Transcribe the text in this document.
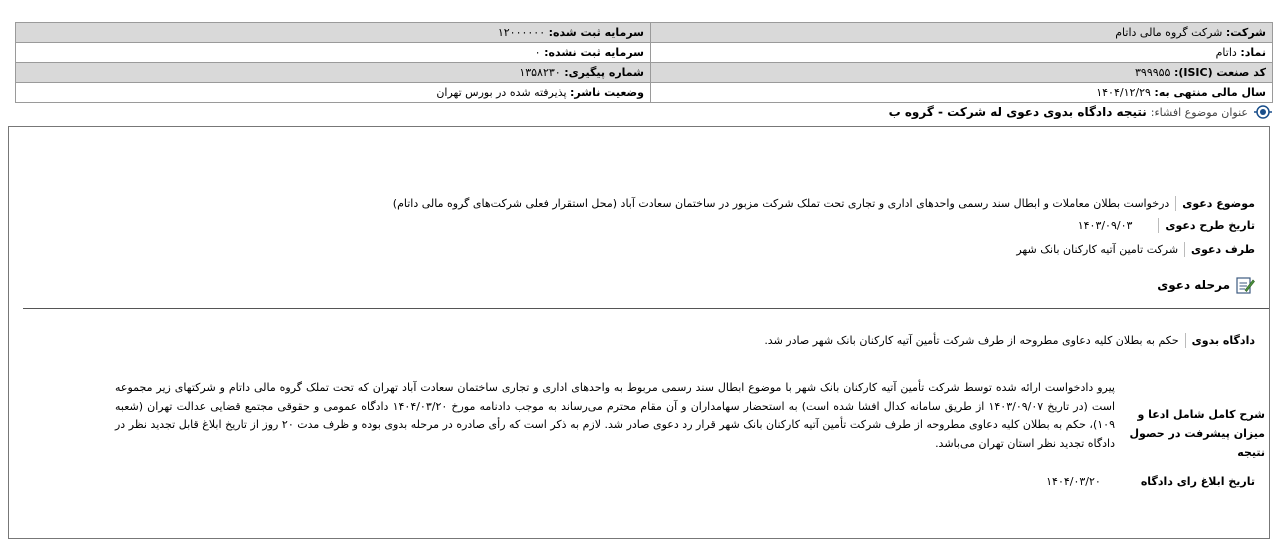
شرکت: شرکت گروه مالی داتام	سرمایه ثبت شده: ۱۲۰۰۰۰۰۰
نماد: داتام	سرمایه ثبت نشده: ۰
کد صنعت (ISIC): ۳۹۹۹۵۵	شماره پیگیری: ۱۳۵۸۲۳۰
سال مالی منتهی به: ۱۴۰۴/۱۲/۲۹	وضعیت ناشر: پذیرفته شده در بورس تهران
عنوان موضوع افشاء:
نتیجه دادگاه بدوی دعوی له شرکت - گروه ب
موضوع دعوی
درخواست بطلان معاملات و ابطال سند رسمی واحدهای اداری و تجاری تحت تملک شرکت مزبور در ساختمان سعادت آباد (محل استقرار فعلی شرکت‌های گروه مالی داتام)
تاریخ طرح دعوی
۱۴۰۳/۰۹/۰۳
طرف دعوی
شرکت تامین آتیه کارکنان بانک شهر
مرحله دعوی
دادگاه بدوی
حکم به بطلان کلیه دعاوی مطروحه از طرف شرکت تأمین آتیه کارکنان بانک شهر صادر شد.
شرح کامل شامل ادعا و میزان پیشرفت در حصول نتیجه
پیرو دادخواست ارائه شده توسط شرکت تأمین آتیه کارکنان بانک شهر با موضوع ابطال سند رسمی مربوط به واحدهای اداری و تجاری ساختمان سعادت آباد تهران که تحت تملک گروه مالی داتام و شرکتهای زیر مجموعه است (در تاریخ ۱۴۰۳/۰۹/۰۷ از طریق سامانه کدال افشا شده است) به استحضار سهامداران و آن مقام محترم می‌رساند به موجب دادنامه مورخ ۱۴۰۴/۰۳/۲۰ دادگاه عمومی و حقوقی مجتمع قضایی عدالت تهران (شعبه ۱۰۹)، حکم به بطلان کلیه دعاوی مطروحه از طرف شرکت تأمین آتیه کارکنان بانک شهر قرار رد دعوی صادر شد. لازم به ذکر است که رأی صادره در مرحله بدوی بوده و ظرف مدت ۲۰ روز از تاریخ ابلاغ قابل تجدید نظر در دادگاه تجدید نظر استان تهران می‌باشد.
تاریخ ابلاغ رای دادگاه
۱۴۰۴/۰۳/۲۰
